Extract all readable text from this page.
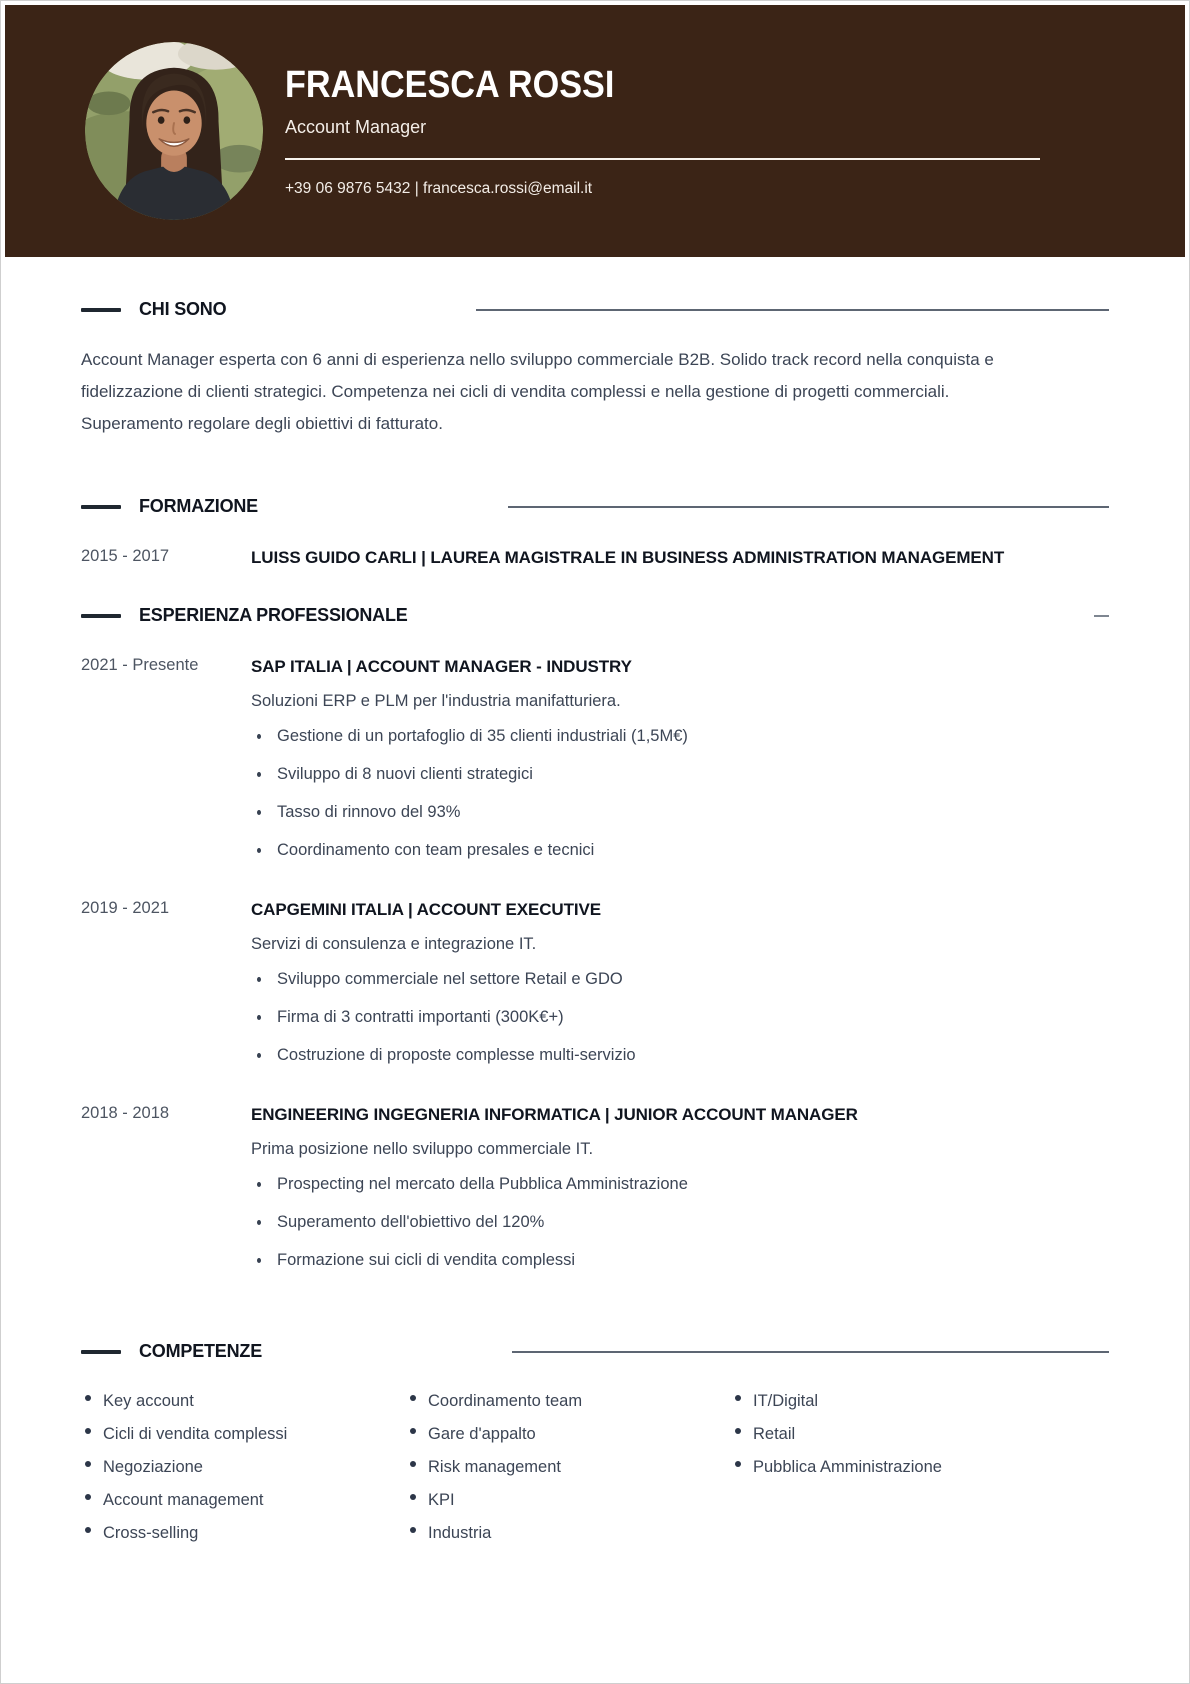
FRANCESCA ROSSI
Account Manager
+39 06 9876 5432 | francesca.rossi@email.it
CHI SONO
Account Manager esperta con 6 anni di esperienza nello sviluppo commerciale B2B. Solido track record nella conquista e fidelizzazione di clienti strategici. Competenza nei cicli di vendita complessi e nella gestione di progetti commerciali. Superamento regolare degli obiettivi di fatturato.
FORMAZIONE
2015 - 2017	LUISS GUIDO CARLI | LAUREA MAGISTRALE IN BUSINESS ADMINISTRATION MANAGEMENT
ESPERIENZA PROFESSIONALE
2021 - Presente	SAP ITALIA | ACCOUNT MANAGER - INDUSTRY
Soluzioni ERP e PLM per l'industria manifatturiera.
Gestione di un portafoglio di 35 clienti industriali (1,5M€)
Sviluppo di 8 nuovi clienti strategici
Tasso di rinnovo del 93%
Coordinamento con team presales e tecnici
2019 - 2021	CAPGEMINI ITALIA | ACCOUNT EXECUTIVE
Servizi di consulenza e integrazione IT.
Sviluppo commerciale nel settore Retail e GDO
Firma di 3 contratti importanti (300K€+)
Costruzione di proposte complesse multi-servizio
2018 - 2018	ENGINEERING INGEGNERIA INFORMATICA | JUNIOR ACCOUNT MANAGER
Prima posizione nello sviluppo commerciale IT.
Prospecting nel mercato della Pubblica Amministrazione
Superamento dell'obiettivo del 120%
Formazione sui cicli di vendita complessi
COMPETENZE
Key account
Cicli di vendita complessi
Negoziazione
Account management
Cross-selling
Coordinamento team
Gare d'appalto
Risk management
KPI
Industria
IT/Digital
Retail
Pubblica Amministrazione
